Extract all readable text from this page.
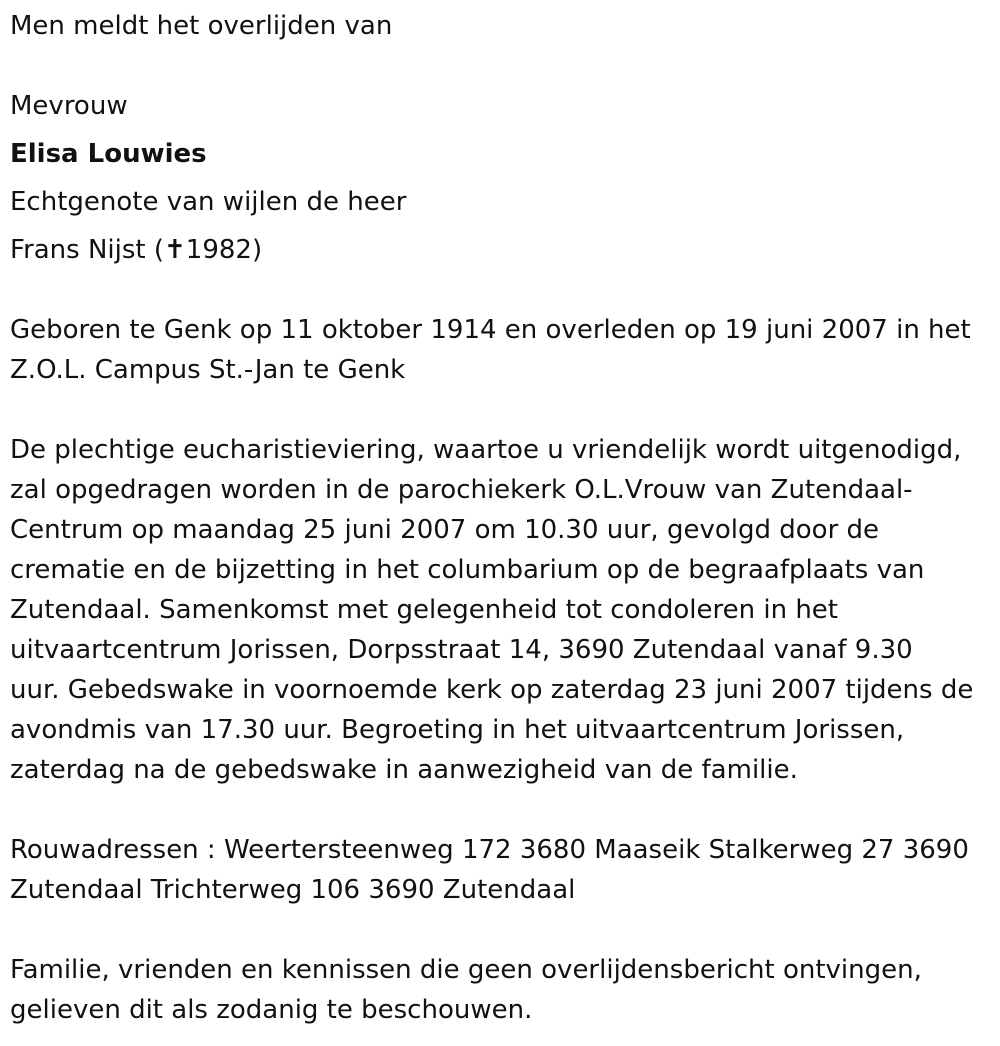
Men meldt het overlijden van
Mevrouw
Elisa Louwies
Echtgenote van wijlen de heer
Frans Nijst (✝1982)
Geboren te Genk op 11 oktober 1914 en overleden op 19 juni 2007 in het
Z.O.L. Campus St.-Jan te Genk
De plechtige eucharistieviering, waartoe u vriendelijk wordt uitgenodigd,
zal opgedragen worden in de parochiekerk O.L.Vrouw van Zutendaal-
Centrum op maandag 25 juni 2007 om 10.30 uur, gevolgd door de
crematie en de bijzetting in het columbarium op de begraafplaats van
Zutendaal. Samenkomst met gelegenheid tot condoleren in het
uitvaartcentrum Jorissen, Dorpsstraat 14, 3690 Zutendaal vanaf 9.30
uur. Gebedswake in voornoemde kerk op zaterdag 23 juni 2007 tijdens de
avondmis van 17.30 uur. Begroeting in het uitvaartcentrum Jorissen,
zaterdag na de gebedswake in aanwezigheid van de familie.
Rouwadressen : Weertersteenweg 172 3680 Maaseik Stalkerweg 27 3690
Zutendaal Trichterweg 106 3690 Zutendaal
Familie, vrienden en kennissen die geen overlijdensbericht ontvingen,
gelieven dit als zodanig te beschouwen.
